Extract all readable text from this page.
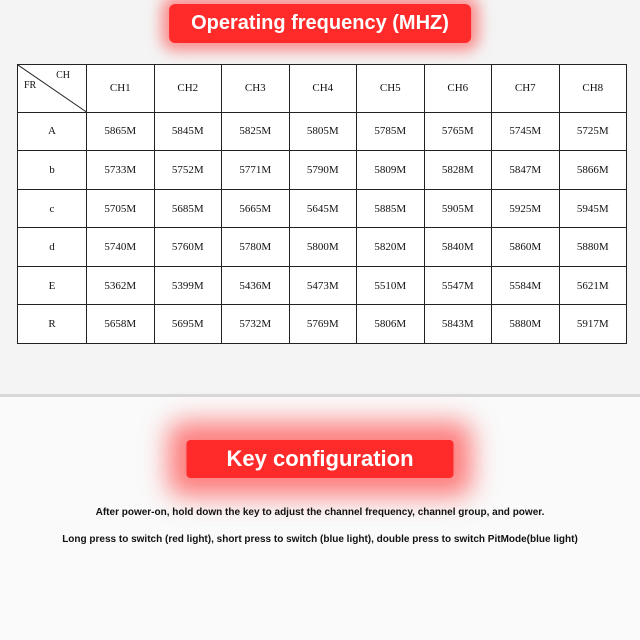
Operating frequency (MHZ)
CH
FR	CH1	CH2	CH3	CH4	CH5	CH6	CH7	CH8
A	5865M	5845M	5825M	5805M	5785M	5765M	5745M	5725M
b	5733M	5752M	5771M	5790M	5809M	5828M	5847M	5866M
c	5705M	5685M	5665M	5645M	5885M	5905M	5925M	5945M
d	5740M	5760M	5780M	5800M	5820M	5840M	5860M	5880M
E	5362M	5399M	5436M	5473M	5510M	5547M	5584M	5621M
R	5658M	5695M	5732M	5769M	5806M	5843M	5880M	5917M
Key configuration
After power-on, hold down the key to adjust the channel frequency, channel group, and power.
Long press to switch (red light), short press to switch (blue light), double press to switch PitMode(blue light)
